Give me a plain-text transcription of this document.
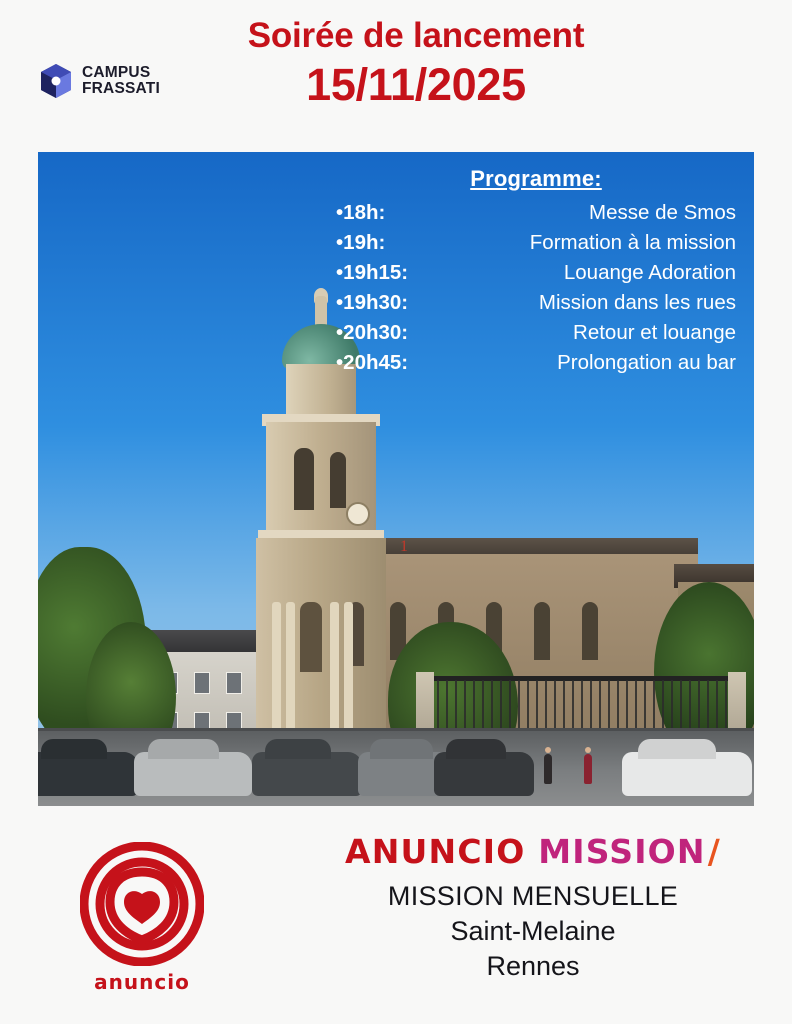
CAMPUS
FRASSATI
Soirée de lancement
15/11/2025
1
Programme:
•18h:	Messe de Smos
•19h:	Formation à la mission
•19h15:	Louange Adoration
•19h30:	Mission dans les rues
•20h30:	Retour et louange
•20h45:	Prolongation au bar
anuncio
ANUNCIO MISSION/
MISSION MENSUELLE
Saint-Melaine
Rennes
